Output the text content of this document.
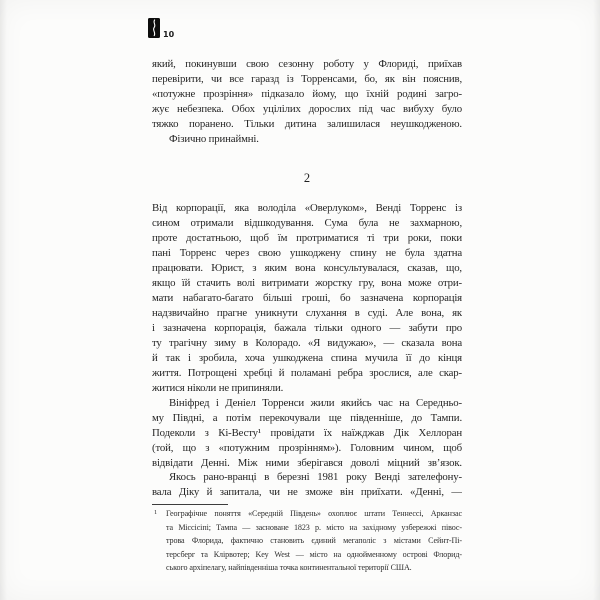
10
який, покинувши свою сезонну роботу у Флориді, приїхав
перевірити, чи все гаразд із Торренсами, бо, як він пояснив,
«потужне прозріння» підказало йому, що їхній родині загро-
жує небезпека. Обох уцілілих дорослих під час вибуху було
тяжко поранено. Тільки дитина залишилася неушкодженою.
Фізично принаймні.
2
Від корпорації, яка володіла «Оверлуком», Венді Торренс із
сином отримали відшкодування. Сума була не захмарною,
проте достатньою, щоб їм протриматися ті три роки, поки
пані Торренс через свою ушкоджену спину не була здатна
працювати. Юрист, з яким вона консультувалася, сказав, що,
якщо їй стачить волі витримати жорстку гру, вона може отри-
мати набагато-багато більші гроші, бо зазначена корпорація
надзвичайно прагне уникнути слухання в суді. Але вона, як
і зазначена корпорація, бажала тільки одного — забути про
ту трагічну зиму в Колорадо. «Я видужаю», — сказала вона
й так і зробила, хоча ушкоджена спина мучила її до кінця
життя. Потрощені хребці й поламані ребра зрослися, але скар-
житися ніколи не припиняли.
Вініфред і Деніел Торренси жили якийсь час на Середньо-
му Півдні, а потім перекочували ще південніше, до Тампи.
Подеколи з Кі-Весту¹ провідати їх наїжджав Дік Хеллоран
(той, що з «потужним прозрінням»). Головним чином, щоб
відвідати Денні. Між ними зберігався доволі міцний зв’язок.
Якось рано-вранці в березні 1981 року Венді зателефону-
вала Діку й запитала, чи не зможе він приїхати. «Денні, —
1 Географічне поняття «Середній Південь» охоплює штати Теннессі, Арканзас
та Міссісіпі; Тампа — засноване 1823 р. місто на західному узбережжі півос-
трова Флорида, фактично становить єдиний мегаполіс з містами Сейнт-Пі-
терсберг та Клірвотер; Key West — місто на однойменному острові Флорид-
ського архіпелагу, найпівденніша точка континентальної території США.
